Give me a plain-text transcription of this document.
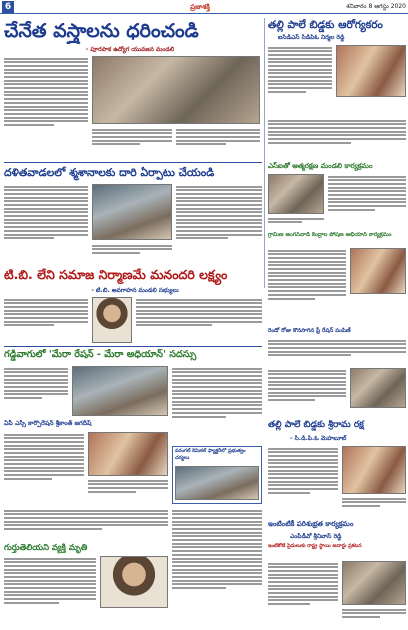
6	ప్రజాశక్తి	శనివారం 8 ఆగస్టు 2020
చేనేత వస్త్రాలను ధరించండి
- పూరపాక ఉద్యోగ యువజన మండలి
తల్లి పాలే బిడ్డకు ఆరోగ్యకరం
ఐసిడిఎస్ సిడిపిఓ నిర్మల రెడ్డి
దళితవాడలలో శ్మశానాలకు దారి ఏర్పాటు చేయండి	ఎస్ఐతో ఆత్మరక్షణ మండలి కార్యక్రమం
గ్రామీణ అంగన్‌వాడీ కేంద్రాల పోషణ అభియాన్ కార్యక్రమం
టి.బి. లేని సమాజ నిర్మాణమే మనందరి లక్ష్యం
- టి.బి. అవగాహన మండలి సభ్యులు
గడ్డివాగులో 'మేరా రేషన్ - మేరా అధియాన్' సదస్సు
రెండో రోజు కొనసాగిన ఫ్రీ రేషన్ పంపిణీ
ఏపీ ఎస్సీ కార్పొరేషన్ శ్రీకాంత్ జగదీష్
వరంగల్ కెమికల్ ఫ్యాక్టరీలో ప్రభుత్వం చర్యలు
తల్లి పాలే బిడ్డకు శ్రీరామ రక్ష
- సి.డి.పి.ఓ మెహబూబ్
గుర్తుతెలియని వ్యక్తి మృతి
ఇంటింటికీ పరిశుభ్రత కార్యక్రమం
ఎంపీడీవో శ్రీనివాస్ రెడ్డి
ఇంటికోటి సైదులుకు రాష్ట్ర స్థాయి అవార్డు ప్రకటన
